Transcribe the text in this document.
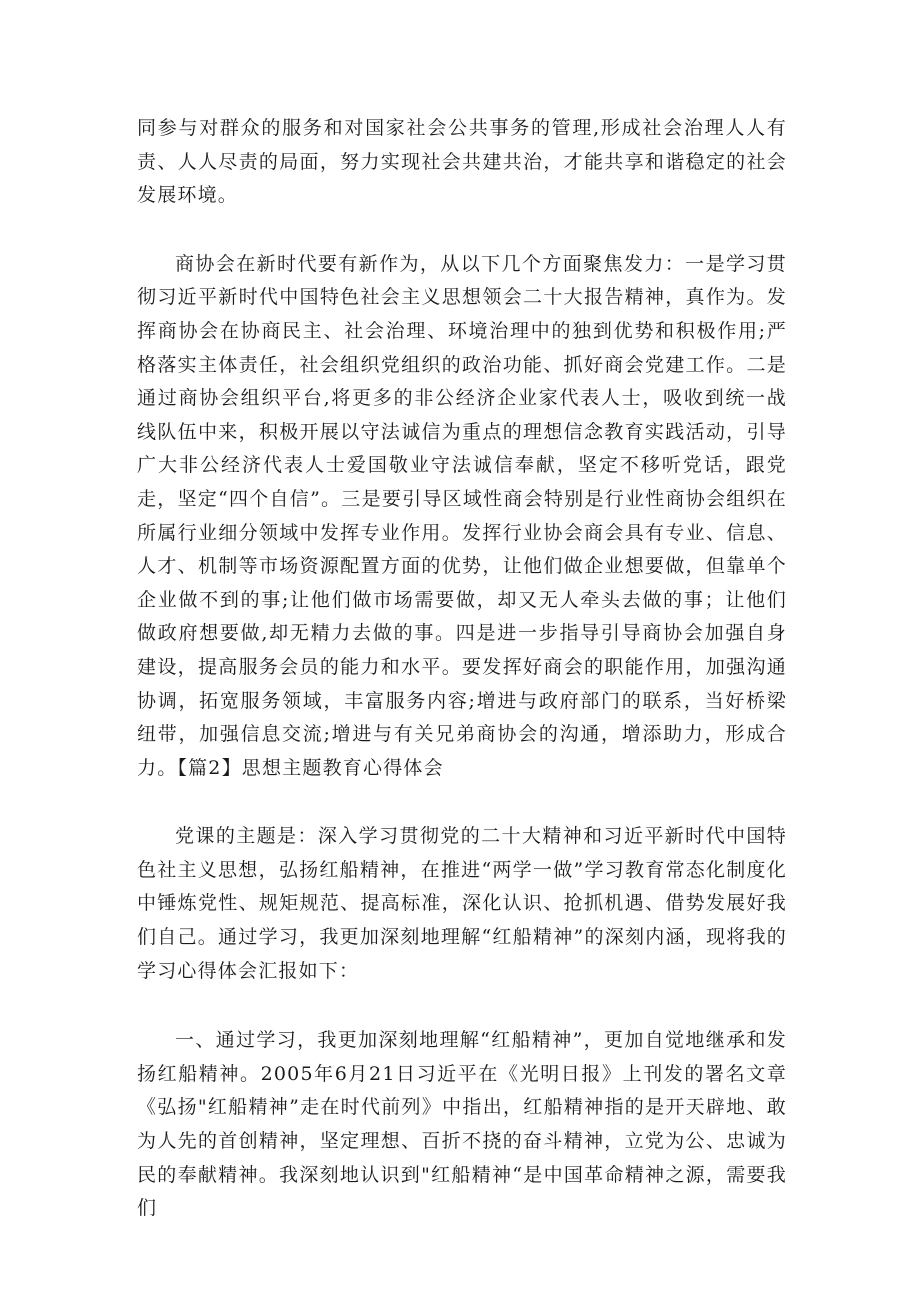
同参与对群众的服务和对国家社会公共事务的管理,形成社会治理人人有责、人人尽责的局面，努力实现社会共建共治，才能共享和谐稳定的社会发展环境。

商协会在新时代要有新作为，从以下几个方面聚焦发力：一是学习贯彻习近平新时代中国特色社会主义思想领会二十大报告精神，真作为。发挥商协会在协商民主、社会治理、环境治理中的独到优势和积极作用;严格落实主体责任，社会组织党组织的政治功能、抓好商会党建工作。二是通过商协会组织平台,将更多的非公经济企业家代表人士，吸收到统一战线队伍中来，积极开展以守法诚信为重点的理想信念教育实践活动，引导广大非公经济代表人士爱国敬业守法诚信奉献，坚定不移听党话，跟党走，坚定“四个自信”。三是要引导区域性商会特别是行业性商协会组织在所属行业细分领域中发挥专业作用。发挥行业协会商会具有专业、信息、人才、机制等市场资源配置方面的优势，让他们做企业想要做，但靠单个企业做不到的事;让他们做市场需要做，却又无人牵头去做的事；让他们做政府想要做,却无精力去做的事。四是进一步指导引导商协会加强自身建设，提高服务会员的能力和水平。要发挥好商会的职能作用，加强沟通协调，拓宽服务领域，丰富服务内容;增进与政府部门的联系，当好桥梁纽带，加强信息交流;增进与有关兄弟商协会的沟通，增添助力，形成合力。【篇2】思想主题教育心得体会

党课的主题是：深入学习贯彻党的二十大精神和习近平新时代中国特色社主义思想，弘扬红船精神，在推进“两学一做”学习教育常态化制度化中锤炼党性、规矩规范、提高标准，深化认识、抢抓机遇、借势发展好我们自己。通过学习，我更加深刻地理解“红船精神”的深刻内涵，现将我的学习心得体会汇报如下：

一、通过学习，我更加深刻地理解“红船精神”，更加自觉地继承和发扬红船精神。2005年6月21日习近平在《光明日报》上刊发的署名文章《弘扬"红船精神”走在时代前列》中指出，红船精神指的是开天辟地、敢为人先的首创精神，坚定理想、百折不挠的奋斗精神，立党为公、忠诚为民的奉献精神。我深刻地认识到"红船精神“是中国革命精神之源，需要我们
